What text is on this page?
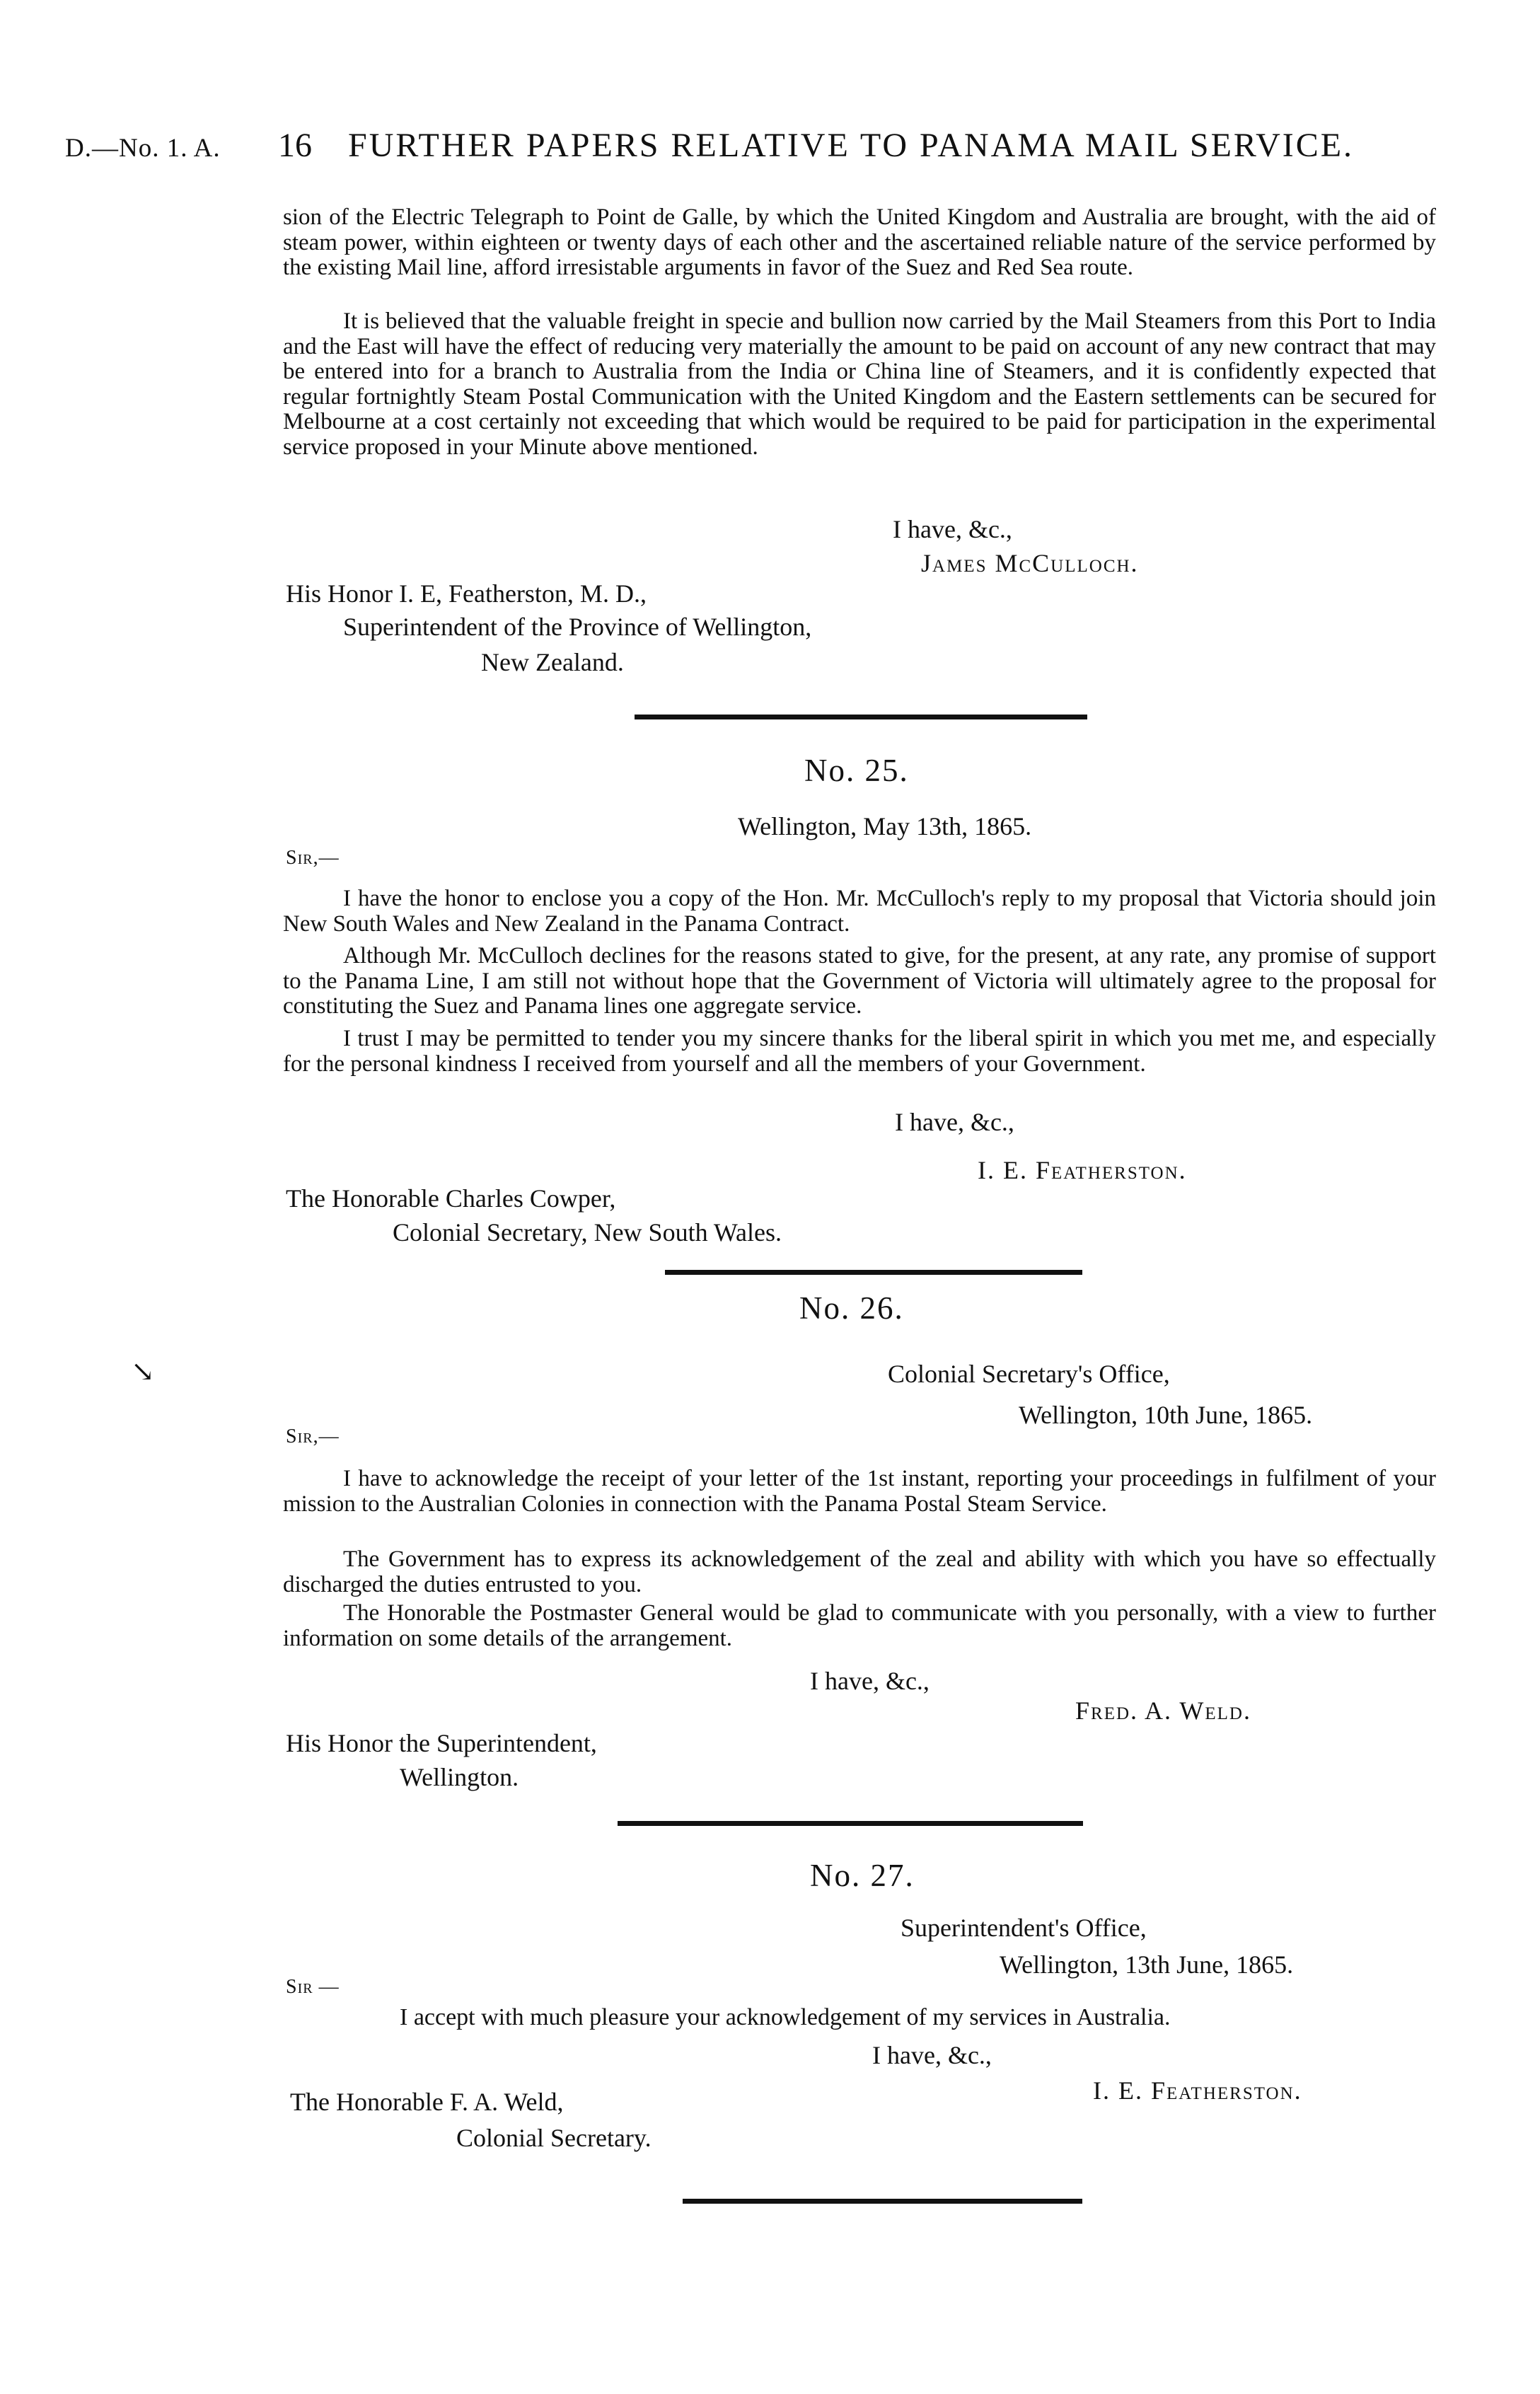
D.—No. 1. A. 16 FURTHER PAPERS RELATIVE TO PANAMA MAIL SERVICE.
sion of the Electric Telegraph to Point de Galle, by which the United Kingdom and Australia are brought, with the aid of steam power, within eighteen or twenty days of each other and the ascertained reliable nature of the service performed by the existing Mail line, afford irresistable arguments in favor of the Suez and Red Sea route.
It is believed that the valuable freight in specie and bullion now carried by the Mail Steamers from this Port to India and the East will have the effect of reducing very materially the amount to be paid on account of any new contract that may be entered into for a branch to Australia from the India or China line of Steamers, and it is confidently expected that regular fortnightly Steam Postal Communication with the United Kingdom and the Eastern settlements can be secured for Melbourne at a cost certainly not exceeding that which would be required to be paid for participation in the experimental service proposed in your Minute above mentioned.
I have, &c.,
James McCulloch.
His Honor I. E, Featherston, M. D.,
Superintendent of the Province of Wellington,
New Zealand.
No. 25.
Wellington, May 13th, 1865.
Sir,—
I have the honor to enclose you a copy of the Hon. Mr. McCulloch's reply to my proposal that Victoria should join New South Wales and New Zealand in the Panama Contract.
Although Mr. McCulloch declines for the reasons stated to give, for the present, at any rate, any promise of support to the Panama Line, I am still not without hope that the Government of Victoria will ultimately agree to the proposal for constituting the Suez and Panama lines one aggregate service.
I trust I may be permitted to tender you my sincere thanks for the liberal spirit in which you met me, and especially for the personal kindness I received from yourself and all the members of your Government.
I have, &c.,
I. E. Featherston.
The Honorable Charles Cowper,
Colonial Secretary, New South Wales.
No. 26.
↘	Colonial Secretary's Office,
Wellington, 10th June, 1865.
Sir,—
I have to acknowledge the receipt of your letter of the 1st instant, reporting your proceedings in fulfilment of your mission to the Australian Colonies in connection with the Panama Postal Steam Service.
The Government has to express its acknowledgement of the zeal and ability with which you have so effectually discharged the duties entrusted to you.
The Honorable the Postmaster General would be glad to communicate with you personally, with a view to further information on some details of the arrangement.
I have, &c.,
Fred. A. Weld.
His Honor the Superintendent,
Wellington.
No. 27.
Superintendent's Office,
Wellington, 13th June, 1865.
Sir —
I accept with much pleasure your acknowledgement of my services in Australia.
I have, &c.,
I. E. Featherston.
The Honorable F. A. Weld,
Colonial Secretary.
